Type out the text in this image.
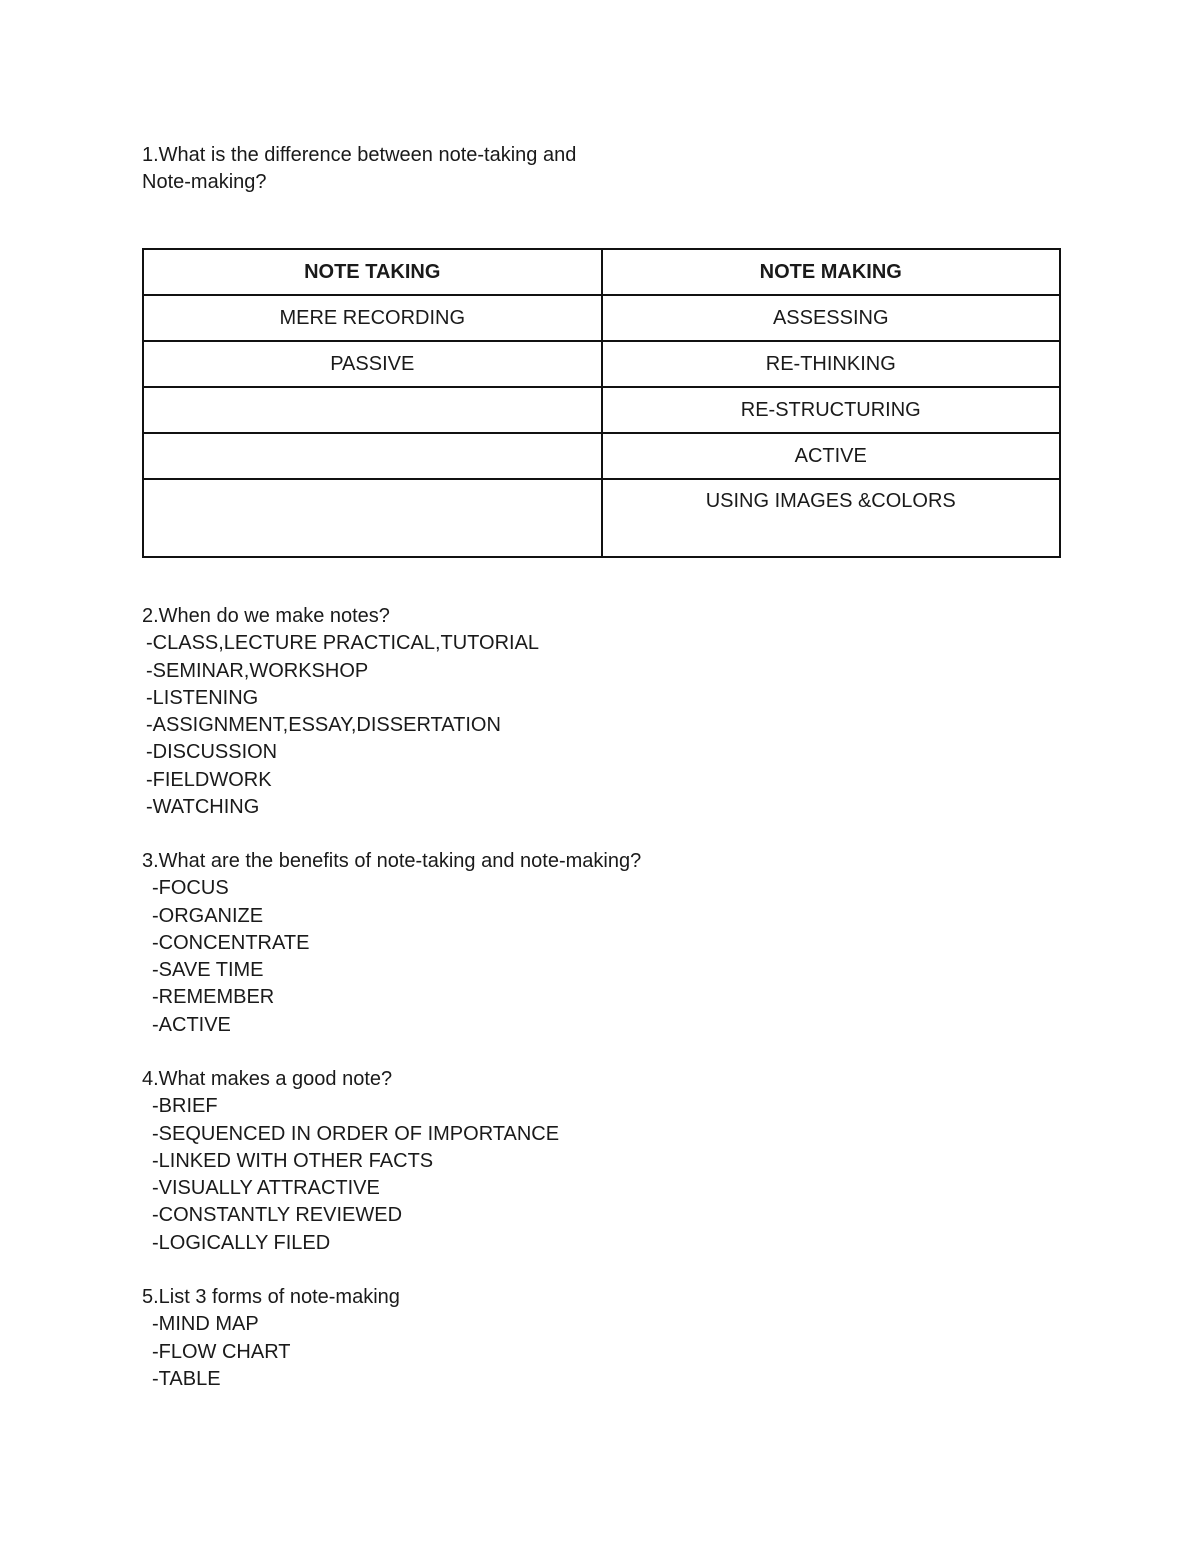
1.What is the difference between note-taking and
Note-making?
NOTE TAKING	NOTE MAKING
MERE RECORDING	ASSESSING
PASSIVE	RE-THINKING
	RE-STRUCTURING
	ACTIVE
	USING IMAGES &COLORS
2.When do we make notes?
-CLASS,LECTURE PRACTICAL,TUTORIAL
-SEMINAR,WORKSHOP
-LISTENING
-ASSIGNMENT,ESSAY,DISSERTATION
-DISCUSSION
-FIELDWORK
-WATCHING
3.What are the benefits of note-taking and note-making?
-FOCUS
-ORGANIZE
-CONCENTRATE
-SAVE TIME
-REMEMBER
-ACTIVE
4.What makes a good note?
-BRIEF
-SEQUENCED IN ORDER OF IMPORTANCE
-LINKED WITH OTHER FACTS
-VISUALLY ATTRACTIVE
-CONSTANTLY REVIEWED
-LOGICALLY FILED
5.List 3 forms of note-making
-MIND MAP
-FLOW CHART
-TABLE
